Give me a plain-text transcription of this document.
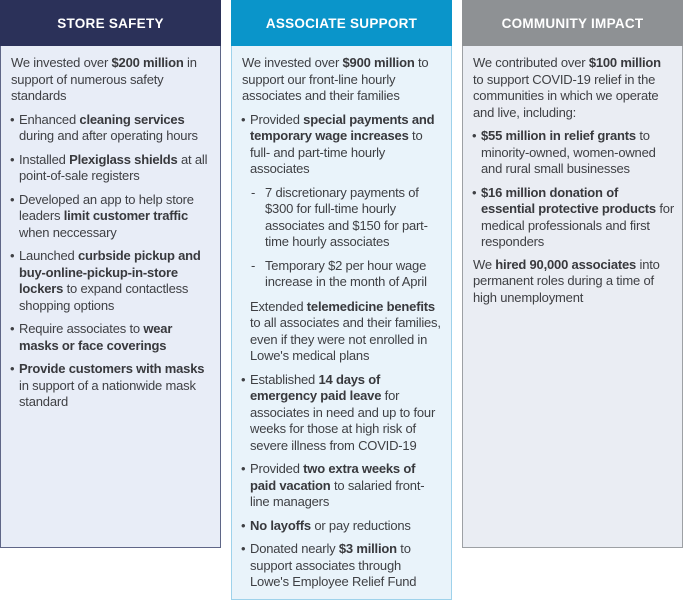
STORE SAFETY
We invested over $200 million in support of numerous safety standards
• Enhanced cleaning services during and after operating hours
• Installed Plexiglass shields at all point-of-sale registers
• Developed an app to help store leaders limit customer traffic when neccessary
• Launched curbside pickup and buy-online-pickup-in-store lockers to expand contactless shopping options
• Require associates to wear masks or face coverings
• Provide customers with masks in support of a nationwide mask standard
ASSOCIATE SUPPORT
We invested over $900 million to support our front-line hourly associates and their families
• Provided special payments and temporary wage increases to full- and part-time hourly associates
- 7 discretionary payments of $300 for full-time hourly associates and $150 for part-time hourly associates
- Temporary $2 per hour wage increase in the month of April
Extended telemedicine benefits to all associates and their families, even if they were not enrolled in Lowe's medical plans
• Established 14 days of emergency paid leave for associates in need and up to four weeks for those at high risk of severe illness from COVID-19
• Provided two extra weeks of paid vacation to salaried front-line managers
• No layoffs or pay reductions
• Donated nearly $3 million to support associates through Lowe's Employee Relief Fund
COMMUNITY IMPACT
We contributed over $100 million to support COVID-19 relief in the communities in which we operate and live, including:
• $55 million in relief grants to minority-owned, women-owned and rural small businesses
• $16 million donation of essential protective products for medical professionals and first responders
We hired 90,000 associates into permanent roles during a time of high unemployment
